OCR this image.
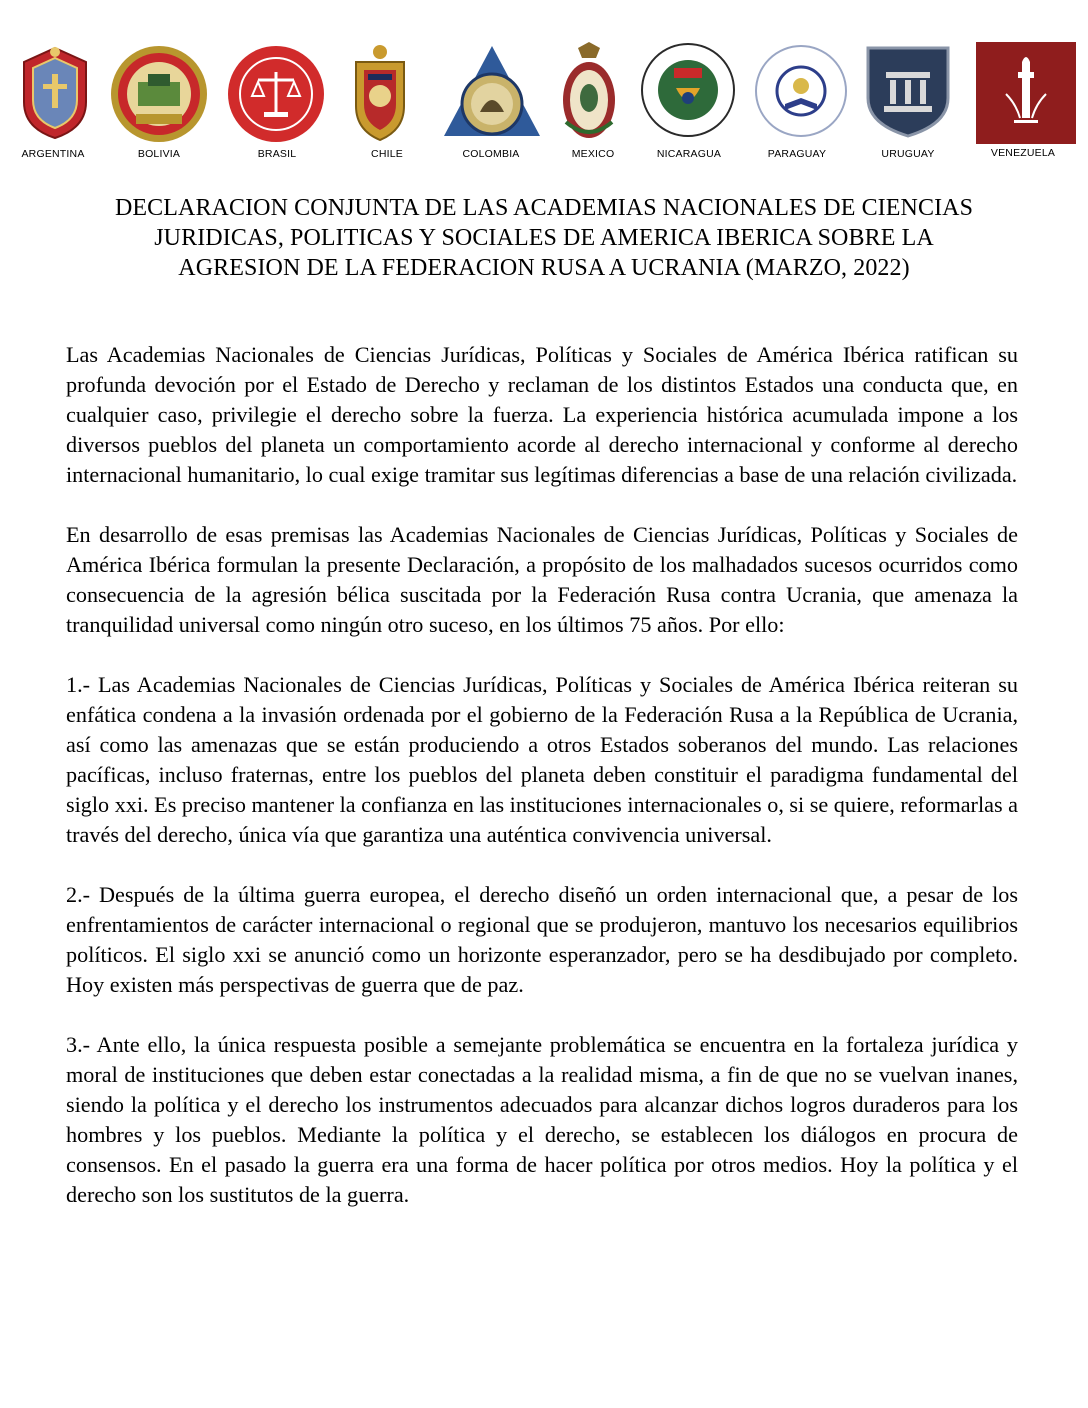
ARGENTINA	BOLIVIA	BRASIL	CHILE	COLOMBIA	MEXICO	NICARAGUA	PARAGUAY	URUGUAY	VENEZUELA
DECLARACION CONJUNTA DE LAS ACADEMIAS NACIONALES DE CIENCIAS
JURIDICAS, POLITICAS Y SOCIALES DE AMERICA IBERICA SOBRE LA
AGRESION DE LA FEDERACION RUSA A UCRANIA (MARZO, 2022)

Las Academias Nacionales de Ciencias Jurídicas, Políticas y Sociales de América Ibérica ratifican su profunda devoción por el Estado de Derecho y reclaman de los distintos Estados una conducta que, en cualquier caso, privilegie el derecho sobre la fuerza. La experiencia histórica acumulada impone a los diversos pueblos del planeta un comportamiento acorde al derecho internacional y conforme al derecho internacional humanitario, lo cual exige tramitar sus legítimas diferencias a base de una relación civilizada.

En desarrollo de esas premisas las Academias Nacionales de Ciencias Jurídicas, Políticas y Sociales de América Ibérica formulan la presente Declaración, a propósito de los malhadados sucesos ocurridos como consecuencia de la agresión bélica suscitada por la Federación Rusa contra Ucrania, que amenaza la tranquilidad universal como ningún otro suceso, en los últimos 75 años. Por ello:

1.- Las Academias Nacionales de Ciencias Jurídicas, Políticas y Sociales de América Ibérica reiteran su enfática condena a la invasión ordenada por el gobierno de la Federación Rusa a la República de Ucrania, así como las amenazas que se están produciendo a otros Estados soberanos del mundo. Las relaciones pacíficas, incluso fraternas, entre los pueblos del planeta deben constituir el paradigma fundamental del siglo xxi. Es preciso mantener la confianza en las instituciones internacionales o, si se quiere, reformarlas a través del derecho, única vía que garantiza una auténtica convivencia universal.

2.- Después de la última guerra europea, el derecho diseñó un orden internacional que, a pesar de los enfrentamientos de carácter internacional o regional que se produjeron, mantuvo los necesarios equilibrios políticos. El siglo xxi se anunció como un horizonte esperanzador, pero se ha desdibujado por completo. Hoy existen más perspectivas de guerra que de paz.

3.- Ante ello, la única respuesta posible a semejante problemática se encuentra en la fortaleza jurídica y moral de instituciones que deben estar conectadas a la realidad misma, a fin de que no se vuelvan inanes, siendo la política y el derecho los instrumentos adecuados para alcanzar dichos logros duraderos para los hombres y los pueblos. Mediante la política y el derecho, se establecen los diálogos en procura de consensos. En el pasado la guerra era una forma de hacer política por otros medios. Hoy la política y el derecho son los sustitutos de la guerra.
